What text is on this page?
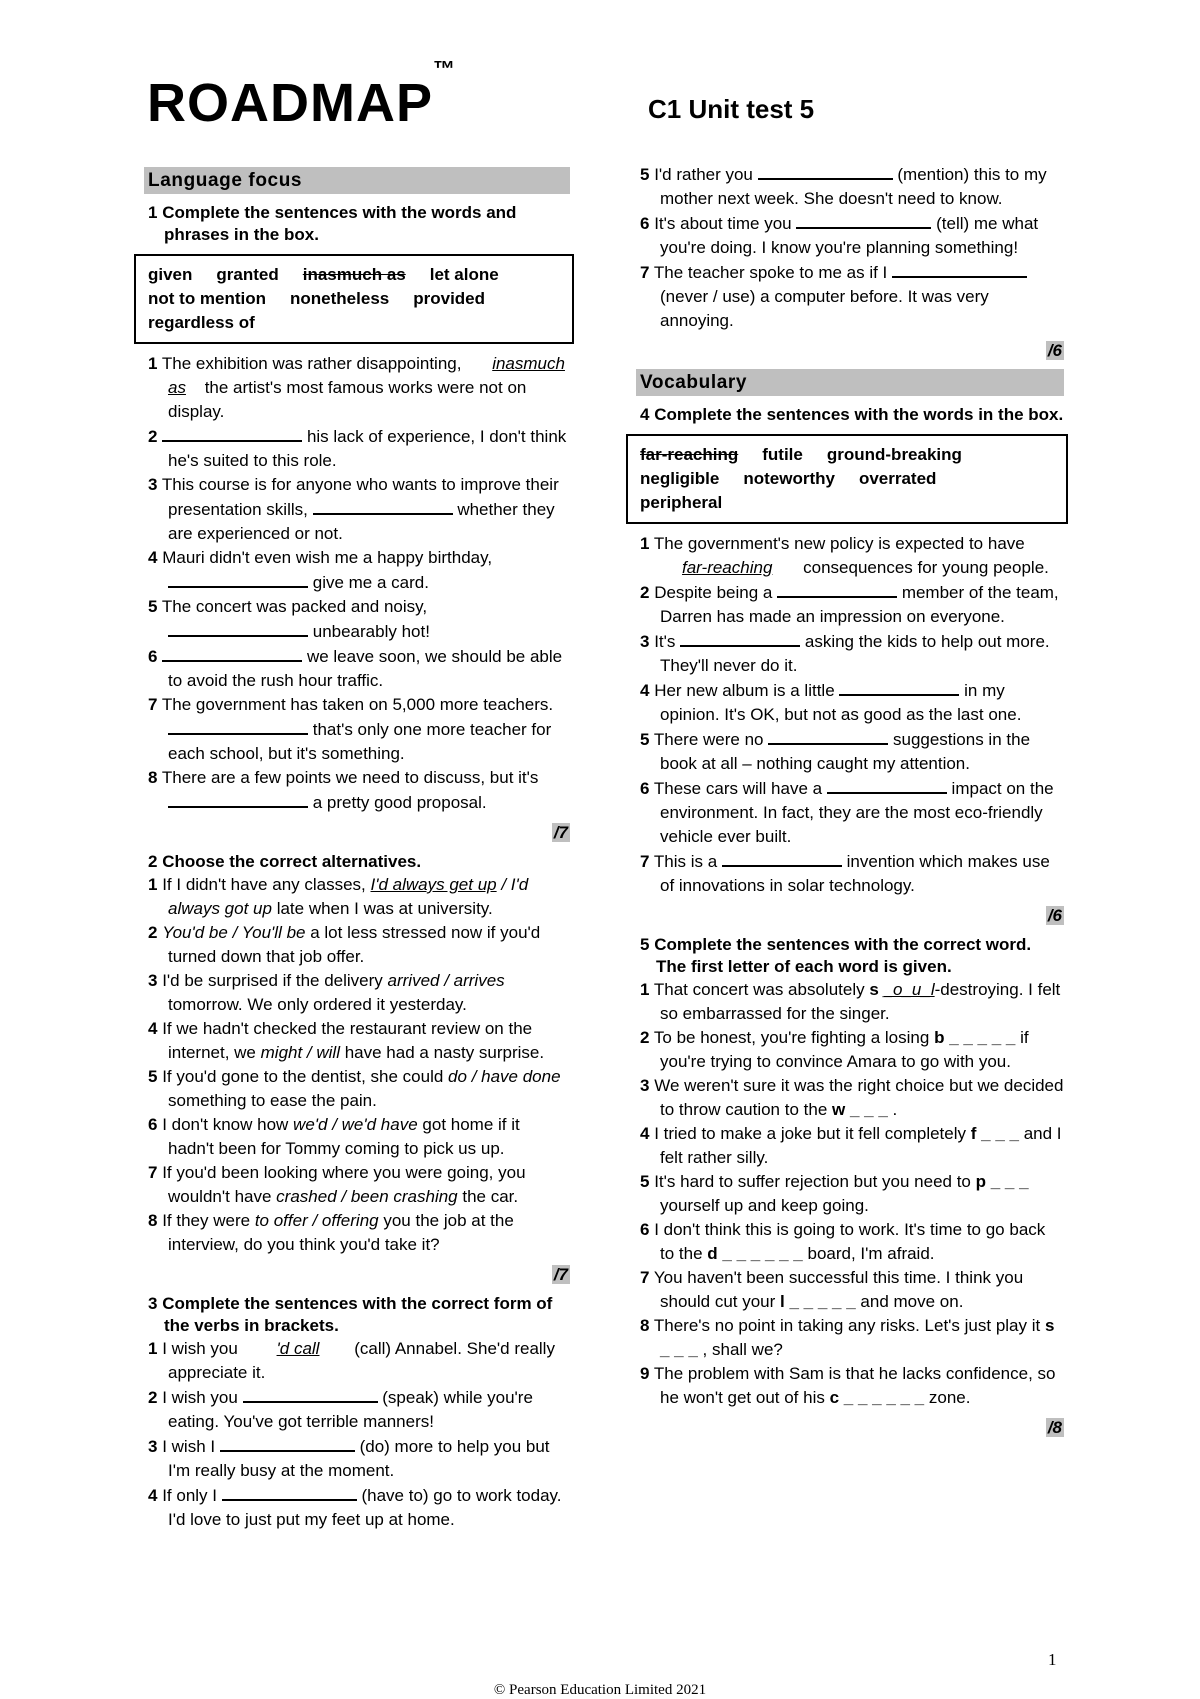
ROADMAP™
C1 Unit test 5
Language focus
1 Complete the sentences with the words and phrases in the box.
given granted inasmuch as let alone
not to mention nonetheless provided
regardless of
1 The exhibition was rather disappointing, inasmuch as the artist's most famous works were not on display.
2	his lack of experience, I don't think he's suited to this role.
3 This course is for anyone who wants to improve their presentation skills,	whether they are experienced or not.
4 Mauri didn't even wish me a happy birthday,  give me a card.
5 The concert was packed and noisy,  unbearably hot!
6	we leave soon, we should be able to avoid the rush hour traffic.
7 The government has taken on 5,000 more teachers.  that's only one more teacher for each school, but it's something.
8 There are a few points we need to discuss, but it's  a pretty good proposal.
/7
2 Choose the correct alternatives.
1 If I didn't have any classes, I'd always get up / I'd always got up late when I was at university.
2 You'd be / You'll be a lot less stressed now if you'd turned down that job offer.
3 I'd be surprised if the delivery arrived / arrives tomorrow. We only ordered it yesterday.
4 If we hadn't checked the restaurant review on the internet, we might / will have had a nasty surprise.
5 If you'd gone to the dentist, she could do / have done something to ease the pain.
6 I don't know how we'd / we'd have got home if it hadn't been for Tommy coming to pick us up.
7 If you'd been looking where you were going, you wouldn't have crashed / been crashing the car.
8 If they were to offer / offering you the job at the interview, do you think you'd take it?
/7
3 Complete the sentences with the correct form of the verbs in brackets.
1 I wish you 'd call (call) Annabel. She'd really appreciate it.
2 I wish you	(speak) while you're eating. You've got terrible manners!
3 I wish I	(do) more to help you but I'm really busy at the moment.
4 If only I	(have to) go to work today. I'd love to just put my feet up at home.
5 I'd rather you	(mention) this to my mother next week. She doesn't need to know.
6 It's about time you	(tell) me what you're doing. I know you're planning something!
7 The teacher spoke to me as if I  (never / use) a computer before. It was very annoying.
/6
Vocabulary
4 Complete the sentences with the words in the box.
far-reaching futile ground-breaking
negligible noteworthy overrated
peripheral
1 The government's new policy is expected to have far-reaching consequences for young people.
2 Despite being a	member of the team, Darren has made an impression on everyone.
3 It's	asking the kids to help out more. They'll never do it.
4 Her new album is a little	in my opinion. It's OK, but not as good as the last one.
5 There were no	suggestions in the book at all – nothing caught my attention.
6 These cars will have a	impact on the environment. In fact, they are the most eco-friendly vehicle ever built.
7 This is a	invention which makes use of innovations in solar technology.
/6
5 Complete the sentences with the correct word. The first letter of each word is given.
1 That concert was absolutely s _o_u_l-destroying. I felt so embarrassed for the singer.
2 To be honest, you're fighting a losing b _ _ _ _ _ if you're trying to convince Amara to go with you.
3 We weren't sure it was the right choice but we decided to throw caution to the w _ _ _ .
4 I tried to make a joke but it fell completely f _ _ _ and I felt rather silly.
5 It's hard to suffer rejection but you need to p _ _ _ yourself up and keep going.
6 I don't think this is going to work. It's time to go back to the d _ _ _ _ _ _ board, I'm afraid.
7 You haven't been successful this time. I think you should cut your l _ _ _ _ _ and move on.
8 There's no point in taking any risks. Let's just play it s _ _ _ , shall we?
9 The problem with Sam is that he lacks confidence, so he won't get out of his c _ _ _ _ _ _ zone.
/8
1
© Pearson Education Limited 2021
